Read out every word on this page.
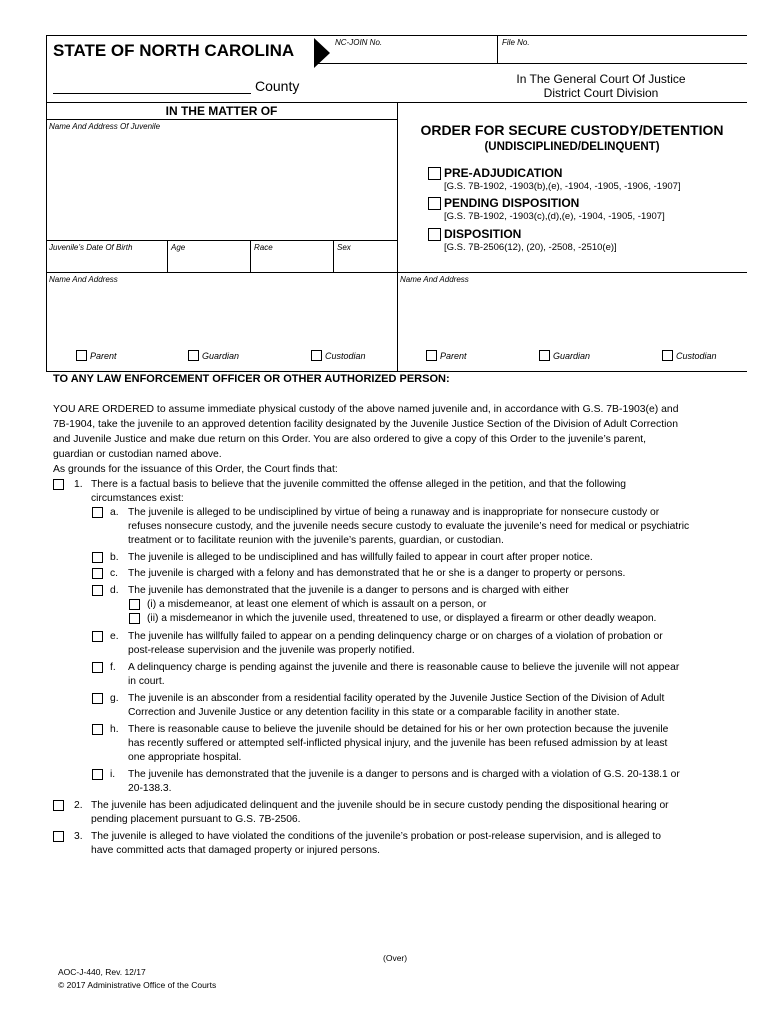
STATE OF NORTH CAROLINA	NC-JOIN No.	File No.
County	In The General Court Of Justice
District Court Division
IN THE MATTER OF
Name And Address Of Juvenile
Juvenile’s Date Of Birth	Age	Race	Sex
ORDER FOR SECURE CUSTODY/DETENTION
(UNDISCIPLINED/DELINQUENT)
PRE-ADJUDICATION
[G.S. 7B-1902, -1903(b),(e), -1904, -1905, -1906, -1907]
PENDING DISPOSITION
[G.S. 7B-1902, -1903(c),(d),(e), -1904, -1905, -1907]
DISPOSITION
[G.S. 7B-2506(12), (20), -2508, -2510(e)]
Name And Address	Name And Address
Parent	Guardian	Custodian	Parent	Guardian	Custodian
TO ANY LAW ENFORCEMENT OFFICER OR OTHER AUTHORIZED PERSON:
YOU ARE ORDERED to assume immediate physical custody of the above named juvenile and, in accordance with G.S. 7B-1903(e) and
7B-1904, take the juvenile to an approved detention facility designated by the Juvenile Justice Section of the Division of Adult Correction
and Juvenile Justice and make due return on this Order. You are also ordered to give a copy of this Order to the juvenile’s parent,
guardian or custodian named above.
As grounds for the issuance of this Order, the Court finds that:
1. There is a factual basis to believe that the juvenile committed the offense alleged in the petition, and that the following
circumstances exist:
a. The juvenile is alleged to be undisciplined by virtue of being a runaway and is inappropriate for nonsecure custody or
refuses nonsecure custody, and the juvenile needs secure custody to evaluate the juvenile’s need for medical or psychiatric
treatment or to facilitate reunion with the juvenile’s parents, guardian, or custodian.
b. The juvenile is alleged to be undisciplined and has willfully failed to appear in court after proper notice.
c. The juvenile is charged with a felony and has demonstrated that he or she is a danger to property or persons.
d. The juvenile has demonstrated that the juvenile is a danger to persons and is charged with either
(i) a misdemeanor, at least one element of which is assault on a person, or
(ii) a misdemeanor in which the juvenile used, threatened to use, or displayed a firearm or other deadly weapon.
e. The juvenile has willfully failed to appear on a pending delinquency charge or on charges of a violation of probation or
post-release supervision and the juvenile was properly notified.
f. A delinquency charge is pending against the juvenile and there is reasonable cause to believe the juvenile will not appear
in court.
g. The juvenile is an absconder from a residential facility operated by the Juvenile Justice Section of the Division of Adult
Correction and Juvenile Justice or any detention facility in this state or a comparable facility in another state.
h. There is reasonable cause to believe the juvenile should be detained for his or her own protection because the juvenile
has recently suffered or attempted self-inflicted physical injury, and the juvenile has been refused admission by at least
one appropriate hospital.
i. The juvenile has demonstrated that the juvenile is a danger to persons and is charged with a violation of G.S. 20-138.1 or
20-138.3.
2. The juvenile has been adjudicated delinquent and the juvenile should be in secure custody pending the dispositional hearing or
pending placement pursuant to G.S. 7B-2506.
3. The juvenile is alleged to have violated the conditions of the juvenile’s probation or post-release supervision, and is alleged to
have committed acts that damaged property or injured persons.
(Over)
AOC-J-440, Rev. 12/17
© 2017 Administrative Office of the Courts
